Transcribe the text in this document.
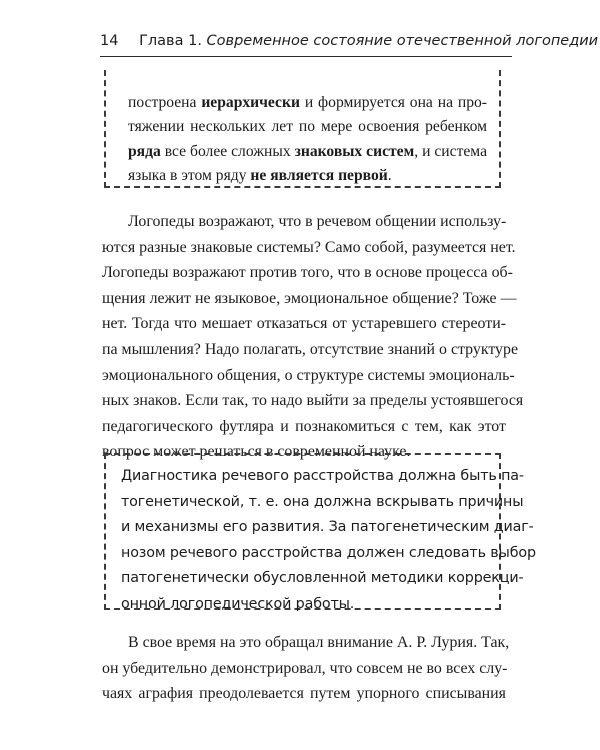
14 Глава 1. Современное состояние отечественной логопедии

построена иерархически и формируется она на про-
тяжении нескольких лет по мере освоения ребенком
ряда все более сложных знаковых систем, и система
языка в этом ряду не является первой.

Логопеды возражают, что в речевом общении использу-
ются разные знаковые системы? Само собой, разумеется нет.
Логопеды возражают против того, что в основе процесса об-
щения лежит не языковое, эмоциональное общение? Тоже —
нет. Тогда что мешает отказаться от устаревшего стереоти-
па мышления? Надо полагать, отсутствие знаний о структуре
эмоционального общения, о структуре системы эмоциональ-
ных знаков. Если так, то надо выйти за пределы устоявшегося
педагогического футляра и познакомиться с тем, как этот
вопрос может решаться в современной науке.

Диагностика речевого расстройства должна быть па-
тогенетической, т. е. она должна вскрывать причины
и механизмы его развития. За патогенетическим диаг-
нозом речевого расстройства должен следовать выбор
патогенетически обусловленной методики коррекци-
онной логопедической работы.

В свое время на это обращал внимание А. Р. Лурия. Так,
он убедительно демонстрировал, что совсем не во всех слу-
чаях аграфия преодолевается путем упорного списывания
